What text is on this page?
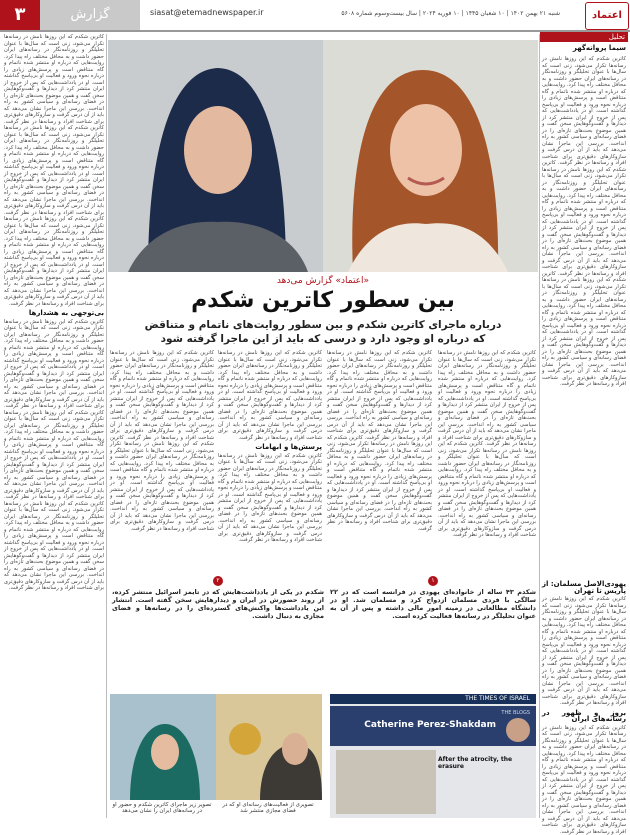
۳	گزارش	siasat@etemadnewspaper.ir	شنبه ۲۱ بهمن ۱۴۰۲ | ۱۰ شعبان ۱۴۴۵ | ۱۰ فوریه ۲۰۲۴ | سال بیست‌وسوم شماره ۵۶۰۸	اعتماد
تحلیل
سیما پروانه‌گهر
کاترین شکدم که این روزها نامش در رسانه‌ها تکرار می‌شود، زنی است که سال‌ها با عنوان تحلیلگر و روزنامه‌نگار در رسانه‌های ایران حضور داشت و به محافل مختلف راه پیدا کرد. روایت‌هایی که درباره او منتشر شده ناتمام و گاه متناقض است و پرسش‌های زیادی را درباره نحوه ورود و فعالیت او بی‌پاسخ گذاشته است. او در یادداشت‌هایی که پس از خروج از ایران منتشر کرد از دیدارها و گفت‌وگوهایش سخن گفت و همین موضوع بحث‌های تازه‌ای را در فضای رسانه‌ای و سیاسی کشور به راه انداخت. بررسی این ماجرا نشان می‌دهد که باید از آن درس گرفت و سازوکارهای دقیق‌تری برای شناخت افراد و رسانه‌ها در نظر گرفت. کاترین شکدم که این روزها نامش در رسانه‌ها تکرار می‌شود، زنی است که سال‌ها با عنوان تحلیلگر و روزنامه‌نگار در رسانه‌های ایران حضور داشت و به محافل مختلف راه پیدا کرد. روایت‌هایی که درباره او منتشر شده ناتمام و گاه متناقض است و پرسش‌های زیادی را درباره نحوه ورود و فعالیت او بی‌پاسخ گذاشته است. او در یادداشت‌هایی که پس از خروج از ایران منتشر کرد از دیدارها و گفت‌وگوهایش سخن گفت و همین موضوع بحث‌های تازه‌ای را در فضای رسانه‌ای و سیاسی کشور به راه انداخت. بررسی این ماجرا نشان می‌دهد که باید از آن درس گرفت و سازوکارهای دقیق‌تری برای شناخت افراد و رسانه‌ها در نظر گرفت. کاترین شکدم که این روزها نامش در رسانه‌ها تکرار می‌شود، زنی است که سال‌ها با عنوان تحلیلگر و روزنامه‌نگار در رسانه‌های ایران حضور داشت و به محافل مختلف راه پیدا کرد. روایت‌هایی که درباره او منتشر شده ناتمام و گاه متناقض است و پرسش‌های زیادی را درباره نحوه ورود و فعالیت او بی‌پاسخ گذاشته است. او در یادداشت‌هایی که پس از خروج از ایران منتشر کرد از دیدارها و گفت‌وگوهایش سخن گفت و همین موضوع بحث‌های تازه‌ای را در فضای رسانه‌ای و سیاسی کشور به راه انداخت. بررسی این ماجرا نشان می‌دهد که باید از آن درس گرفت و سازوکارهای دقیق‌تری برای شناخت افراد و رسانه‌ها در نظر گرفت.
یهودی‌الاصل مسلمان: از پاریس تا تهران
کاترین شکدم که این روزها نامش در رسانه‌ها تکرار می‌شود، زنی است که سال‌ها با عنوان تحلیلگر و روزنامه‌نگار در رسانه‌های ایران حضور داشت و به محافل مختلف راه پیدا کرد. روایت‌هایی که درباره او منتشر شده ناتمام و گاه متناقض است و پرسش‌های زیادی را درباره نحوه ورود و فعالیت او بی‌پاسخ گذاشته است. او در یادداشت‌هایی که پس از خروج از ایران منتشر کرد از دیدارها و گفت‌وگوهایش سخن گفت و همین موضوع بحث‌های تازه‌ای را در فضای رسانه‌ای و سیاسی کشور به راه انداخت. بررسی این ماجرا نشان می‌دهد که باید از آن درس گرفت و سازوکارهای دقیق‌تری برای شناخت افراد و رسانه‌ها در نظر گرفت.
بروز و ظهور در رسانه‌های ایران
کاترین شکدم که این روزها نامش در رسانه‌ها تکرار می‌شود، زنی است که سال‌ها با عنوان تحلیلگر و روزنامه‌نگار در رسانه‌های ایران حضور داشت و به محافل مختلف راه پیدا کرد. روایت‌هایی که درباره او منتشر شده ناتمام و گاه متناقض است و پرسش‌های زیادی را درباره نحوه ورود و فعالیت او بی‌پاسخ گذاشته است. او در یادداشت‌هایی که پس از خروج از ایران منتشر کرد از دیدارها و گفت‌وگوهایش سخن گفت و همین موضوع بحث‌های تازه‌ای را در فضای رسانه‌ای و سیاسی کشور به راه انداخت. بررسی این ماجرا نشان می‌دهد که باید از آن درس گرفت و سازوکارهای دقیق‌تری برای شناخت افراد و رسانه‌ها در نظر گرفت.
کاترین شکدم که این روزها نامش در رسانه‌ها تکرار می‌شود، زنی است که سال‌ها با عنوان تحلیلگر و روزنامه‌نگار در رسانه‌های ایران حضور داشت و به محافل مختلف راه پیدا کرد. روایت‌هایی که درباره او منتشر شده ناتمام و گاه متناقض است و پرسش‌های زیادی را درباره نحوه ورود و فعالیت او بی‌پاسخ گذاشته است. او در یادداشت‌هایی که پس از خروج از ایران منتشر کرد از دیدارها و گفت‌وگوهایش سخن گفت و همین موضوع بحث‌های تازه‌ای را در فضای رسانه‌ای و سیاسی کشور به راه انداخت. بررسی این ماجرا نشان می‌دهد که باید از آن درس گرفت و سازوکارهای دقیق‌تری برای شناخت افراد و رسانه‌ها در نظر گرفت. کاترین شکدم که این روزها نامش در رسانه‌ها تکرار می‌شود، زنی است که سال‌ها با عنوان تحلیلگر و روزنامه‌نگار در رسانه‌های ایران حضور داشت و به محافل مختلف راه پیدا کرد. روایت‌هایی که درباره او منتشر شده ناتمام و گاه متناقض است و پرسش‌های زیادی را درباره نحوه ورود و فعالیت او بی‌پاسخ گذاشته است. او در یادداشت‌هایی که پس از خروج از ایران منتشر کرد از دیدارها و گفت‌وگوهایش سخن گفت و همین موضوع بحث‌های تازه‌ای را در فضای رسانه‌ای و سیاسی کشور به راه انداخت. بررسی این ماجرا نشان می‌دهد که باید از آن درس گرفت و سازوکارهای دقیق‌تری برای شناخت افراد و رسانه‌ها در نظر گرفت. کاترین شکدم که این روزها نامش در رسانه‌ها تکرار می‌شود، زنی است که سال‌ها با عنوان تحلیلگر و روزنامه‌نگار در رسانه‌های ایران حضور داشت و به محافل مختلف راه پیدا کرد. روایت‌هایی که درباره او منتشر شده ناتمام و گاه متناقض است و پرسش‌های زیادی را درباره نحوه ورود و فعالیت او بی‌پاسخ گذاشته است. او در یادداشت‌هایی که پس از خروج از ایران منتشر کرد از دیدارها و گفت‌وگوهایش سخن گفت و همین موضوع بحث‌های تازه‌ای را در فضای رسانه‌ای و سیاسی کشور به راه انداخت. بررسی این ماجرا نشان می‌دهد که باید از آن درس گرفت و سازوکارهای دقیق‌تری برای شناخت افراد و رسانه‌ها در نظر گرفت.
بی‌توجهی به هشدارها
کاترین شکدم که این روزها نامش در رسانه‌ها تکرار می‌شود، زنی است که سال‌ها با عنوان تحلیلگر و روزنامه‌نگار در رسانه‌های ایران حضور داشت و به محافل مختلف راه پیدا کرد. روایت‌هایی که درباره او منتشر شده ناتمام و گاه متناقض است و پرسش‌های زیادی را درباره نحوه ورود و فعالیت او بی‌پاسخ گذاشته است. او در یادداشت‌هایی که پس از خروج از ایران منتشر کرد از دیدارها و گفت‌وگوهایش سخن گفت و همین موضوع بحث‌های تازه‌ای را در فضای رسانه‌ای و سیاسی کشور به راه انداخت. بررسی این ماجرا نشان می‌دهد که باید از آن درس گرفت و سازوکارهای دقیق‌تری برای شناخت افراد و رسانه‌ها در نظر گرفت. کاترین شکدم که این روزها نامش در رسانه‌ها تکرار می‌شود، زنی است که سال‌ها با عنوان تحلیلگر و روزنامه‌نگار در رسانه‌های ایران حضور داشت و به محافل مختلف راه پیدا کرد. روایت‌هایی که درباره او منتشر شده ناتمام و گاه متناقض است و پرسش‌های زیادی را درباره نحوه ورود و فعالیت او بی‌پاسخ گذاشته است. او در یادداشت‌هایی که پس از خروج از ایران منتشر کرد از دیدارها و گفت‌وگوهایش سخن گفت و همین موضوع بحث‌های تازه‌ای را در فضای رسانه‌ای و سیاسی کشور به راه انداخت. بررسی این ماجرا نشان می‌دهد که باید از آن درس گرفت و سازوکارهای دقیق‌تری برای شناخت افراد و رسانه‌ها در نظر گرفت. کاترین شکدم که این روزها نامش در رسانه‌ها تکرار می‌شود، زنی است که سال‌ها با عنوان تحلیلگر و روزنامه‌نگار در رسانه‌های ایران حضور داشت و به محافل مختلف راه پیدا کرد. روایت‌هایی که درباره او منتشر شده ناتمام و گاه متناقض است و پرسش‌های زیادی را درباره نحوه ورود و فعالیت او بی‌پاسخ گذاشته است. او در یادداشت‌هایی که پس از خروج از ایران منتشر کرد از دیدارها و گفت‌وگوهایش سخن گفت و همین موضوع بحث‌های تازه‌ای را در فضای رسانه‌ای و سیاسی کشور به راه انداخت. بررسی این ماجرا نشان می‌دهد که باید از آن درس گرفت و سازوکارهای دقیق‌تری برای شناخت افراد و رسانه‌ها در نظر گرفت.
«اعتماد» گزارش می‌دهد
بین سطور کاترین شکدم
درباره ماجرای کاترین شکدم و بین سطور روایت‌های ناتمام و متناقض
که درباره او وجود دارد و درسی که باید از این ماجرا گرفته شود
کاترین شکدم که این روزها نامش در رسانه‌ها تکرار می‌شود، زنی است که سال‌ها با عنوان تحلیلگر و روزنامه‌نگار در رسانه‌های ایران حضور داشت و به محافل مختلف راه پیدا کرد. روایت‌هایی که درباره او منتشر شده ناتمام و گاه متناقض است و پرسش‌های زیادی را درباره نحوه ورود و فعالیت او بی‌پاسخ گذاشته است. او در یادداشت‌هایی که پس از خروج از ایران منتشر کرد از دیدارها و گفت‌وگوهایش سخن گفت و همین موضوع بحث‌های تازه‌ای را در فضای رسانه‌ای و سیاسی کشور به راه انداخت. بررسی این ماجرا نشان می‌دهد که باید از آن درس گرفت و سازوکارهای دقیق‌تری برای شناخت افراد و رسانه‌ها در نظر گرفت. کاترین شکدم که این روزها نامش در رسانه‌ها تکرار می‌شود، زنی است که سال‌ها با عنوان تحلیلگر و روزنامه‌نگار در رسانه‌های ایران حضور داشت و به محافل مختلف راه پیدا کرد. روایت‌هایی که درباره او منتشر شده ناتمام و گاه متناقض است و پرسش‌های زیادی را درباره نحوه ورود و فعالیت او بی‌پاسخ گذاشته است. او در یادداشت‌هایی که پس از خروج از ایران منتشر کرد از دیدارها و گفت‌وگوهایش سخن گفت و همین موضوع بحث‌های تازه‌ای را در فضای رسانه‌ای و سیاسی کشور به راه انداخت. بررسی این ماجرا نشان می‌دهد که باید از آن درس گرفت و سازوکارهای دقیق‌تری برای شناخت افراد و رسانه‌ها در نظر گرفت.
کاترین شکدم که این روزها نامش در رسانه‌ها تکرار می‌شود، زنی است که سال‌ها با عنوان تحلیلگر و روزنامه‌نگار در رسانه‌های ایران حضور داشت و به محافل مختلف راه پیدا کرد. روایت‌هایی که درباره او منتشر شده ناتمام و گاه متناقض است و پرسش‌های زیادی را درباره نحوه ورود و فعالیت او بی‌پاسخ گذاشته است. او در یادداشت‌هایی که پس از خروج از ایران منتشر کرد از دیدارها و گفت‌وگوهایش سخن گفت و همین موضوع بحث‌های تازه‌ای را در فضای رسانه‌ای و سیاسی کشور به راه انداخت. بررسی این ماجرا نشان می‌دهد که باید از آن درس گرفت و سازوکارهای دقیق‌تری برای شناخت افراد و رسانه‌ها در نظر گرفت. کاترین شکدم که این روزها نامش در رسانه‌ها تکرار می‌شود، زنی است که سال‌ها با عنوان تحلیلگر و روزنامه‌نگار در رسانه‌های ایران حضور داشت و به محافل مختلف راه پیدا کرد. روایت‌هایی که درباره او منتشر شده ناتمام و گاه متناقض است و پرسش‌های زیادی را درباره نحوه ورود و فعالیت او بی‌پاسخ گذاشته است. او در یادداشت‌هایی که پس از خروج از ایران منتشر کرد از دیدارها و گفت‌وگوهایش سخن گفت و همین موضوع بحث‌های تازه‌ای را در فضای رسانه‌ای و سیاسی کشور به راه انداخت. بررسی این ماجرا نشان می‌دهد که باید از آن درس گرفت و سازوکارهای دقیق‌تری برای شناخت افراد و رسانه‌ها در نظر گرفت.
کاترین شکدم که این روزها نامش در رسانه‌ها تکرار می‌شود، زنی است که سال‌ها با عنوان تحلیلگر و روزنامه‌نگار در رسانه‌های ایران حضور داشت و به محافل مختلف راه پیدا کرد. روایت‌هایی که درباره او منتشر شده ناتمام و گاه متناقض است و پرسش‌های زیادی را درباره نحوه ورود و فعالیت او بی‌پاسخ گذاشته است. او در یادداشت‌هایی که پس از خروج از ایران منتشر کرد از دیدارها و گفت‌وگوهایش سخن گفت و همین موضوع بحث‌های تازه‌ای را در فضای رسانه‌ای و سیاسی کشور به راه انداخت. بررسی این ماجرا نشان می‌دهد که باید از آن درس گرفت و سازوکارهای دقیق‌تری برای شناخت افراد و رسانه‌ها در نظر گرفت.
پرسش‌ها و ابهامات
کاترین شکدم که این روزها نامش در رسانه‌ها تکرار می‌شود، زنی است که سال‌ها با عنوان تحلیلگر و روزنامه‌نگار در رسانه‌های ایران حضور داشت و به محافل مختلف راه پیدا کرد. روایت‌هایی که درباره او منتشر شده ناتمام و گاه متناقض است و پرسش‌های زیادی را درباره نحوه ورود و فعالیت او بی‌پاسخ گذاشته است. او در یادداشت‌هایی که پس از خروج از ایران منتشر کرد از دیدارها و گفت‌وگوهایش سخن گفت و همین موضوع بحث‌های تازه‌ای را در فضای رسانه‌ای و سیاسی کشور به راه انداخت. بررسی این ماجرا نشان می‌دهد که باید از آن درس گرفت و سازوکارهای دقیق‌تری برای شناخت افراد و رسانه‌ها در نظر گرفت.
کاترین شکدم که این روزها نامش در رسانه‌ها تکرار می‌شود، زنی است که سال‌ها با عنوان تحلیلگر و روزنامه‌نگار در رسانه‌های ایران حضور داشت و به محافل مختلف راه پیدا کرد. روایت‌هایی که درباره او منتشر شده ناتمام و گاه متناقض است و پرسش‌های زیادی را درباره نحوه ورود و فعالیت او بی‌پاسخ گذاشته است. او در یادداشت‌هایی که پس از خروج از ایران منتشر کرد از دیدارها و گفت‌وگوهایش سخن گفت و همین موضوع بحث‌های تازه‌ای را در فضای رسانه‌ای و سیاسی کشور به راه انداخت. بررسی این ماجرا نشان می‌دهد که باید از آن درس گرفت و سازوکارهای دقیق‌تری برای شناخت افراد و رسانه‌ها در نظر گرفت. کاترین شکدم که این روزها نامش در رسانه‌ها تکرار می‌شود، زنی است که سال‌ها با عنوان تحلیلگر و روزنامه‌نگار در رسانه‌های ایران حضور داشت و به محافل مختلف راه پیدا کرد. روایت‌هایی که درباره او منتشر شده ناتمام و گاه متناقض است و پرسش‌های زیادی را درباره نحوه ورود و فعالیت او بی‌پاسخ گذاشته است. او در یادداشت‌هایی که پس از خروج از ایران منتشر کرد از دیدارها و گفت‌وگوهایش سخن گفت و همین موضوع بحث‌های تازه‌ای را در فضای رسانه‌ای و سیاسی کشور به راه انداخت. بررسی این ماجرا نشان می‌دهد که باید از آن درس گرفت و سازوکارهای دقیق‌تری برای شناخت افراد و رسانه‌ها در نظر گرفت.
۱
شکدم ۴۳ ساله از خانواده‌ای یهودی در فرانسه است که در ۲۲ سالگی با فردی مسلمان ازدواج کرد و مسلمان شد. او در دانشگاه مطالعاتی در زمینه امور مالی داشته و پس از آن به عنوان تحلیلگر در رسانه‌ها فعالیت کرده است.
۲
شکدم در یکی از یادداشت‌هایش که در تایمز اسرائیل منتشر کرده، از روند حضورش در ایران و دیدارهایش سخن گفته است. انتشار این یادداشت‌ها واکنش‌های گسترده‌ای را در رسانه‌ها و فضای مجازی به دنبال داشت.
THE TIMES OF ISRAEL
THE BLOGS
Catherine Perez-Shakdam
After the atrocity, the erasure
تصویر زیر ماجرای کاترین شکدم و حضور او در رسانه‌های ایران را نشان می‌دهد
تصویری از فعالیت‌های رسانه‌ای او که در فضای مجازی منتشر شد
